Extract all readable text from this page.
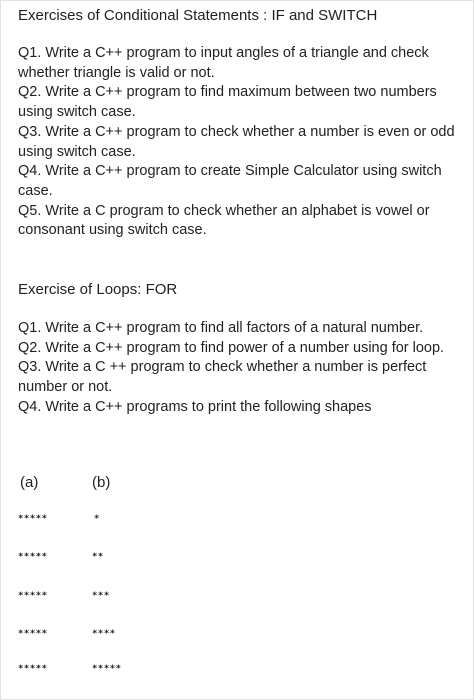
Exercises of Conditional Statements : IF and SWITCH
Q1. Write a C++ program to input angles of a triangle and check whether triangle is valid or not.
Q2. Write a C++ program to find maximum between two numbers using switch case.
Q3. Write a C++ program to check whether a number is even or odd using switch case.
Q4. Write a C++ program to create Simple Calculator using switch case.
Q5. Write a C program to check whether an alphabet is vowel or consonant using switch case.
Exercise of Loops: FOR
Q1. Write a C++ program to find all factors of a natural number.
Q2. Write a C++ program to find power of a number using for loop.
Q3. Write a C ++ program to check whether a number is perfect number or not.
Q4. Write a C++ programs to print the following shapes
(a)
*****
*****
*****
*****
*****
(b)
*
**
***
****
*****
